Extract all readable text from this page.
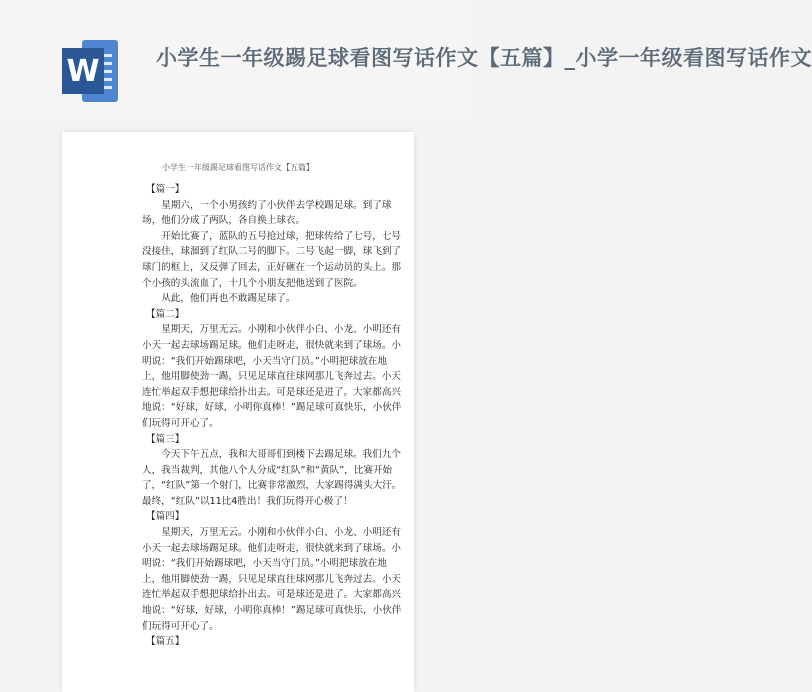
W	小学生一年级踢足球看图写话作文【五篇】_小学一年级看图写话作文
小学生一年级踢足球看图写话作文【五篇】
【篇一】

星期六，一个小男孩约了小伙伴去学校踢足球。到了球场，他们分成了两队，各自换上球衣。

开始比赛了，蓝队的五号抢过球，把球传给了七号，七号没接住，球溜到了红队二号的脚下。二号飞起一脚，球飞到了球门的框上，又反弹了回去，正好砸在一个运动员的头上。那个小孩的头流血了，十几个小朋友把他送到了医院。

从此，他们再也不敢踢足球了。

【篇二】

星期天，万里无云。小刚和小伙伴小白、小龙、小明还有小天一起去球场踢足球。他们走呀走，很快就来到了球场。小明说：“我们开始踢球吧，小天当守门员。”小明把球放在地上，他用脚使劲一踢，只见足球直往球网那儿飞奔过去。小天连忙举起双手想把球给扑出去。可是球还是进了。大家都高兴地说：“好球，好球，小明你真棒！”踢足球可真快乐，小伙伴们玩得可开心了。

【篇三】

今天下午五点，我和大哥哥们到楼下去踢足球。我们九个人，我当裁判，其他八个人分成“红队”和“黄队”，比赛开始了，“红队”第一个射门，比赛非常激烈，大家踢得满头大汗。最终，“红队”以11比4胜出！我们玩得开心极了！

【篇四】

星期天，万里无云。小刚和小伙伴小白、小龙、小明还有小天一起去球场踢足球。他们走呀走，很快就来到了球场。小明说：“我们开始踢球吧，小天当守门员。”小明把球放在地上，他用脚使劲一踢，只见足球直往球网那儿飞奔过去。小天连忙举起双手想把球给扑出去。可是球还是进了。大家都高兴地说：“好球，好球，小明你真棒！”踢足球可真快乐，小伙伴们玩得可开心了。

【篇五】
